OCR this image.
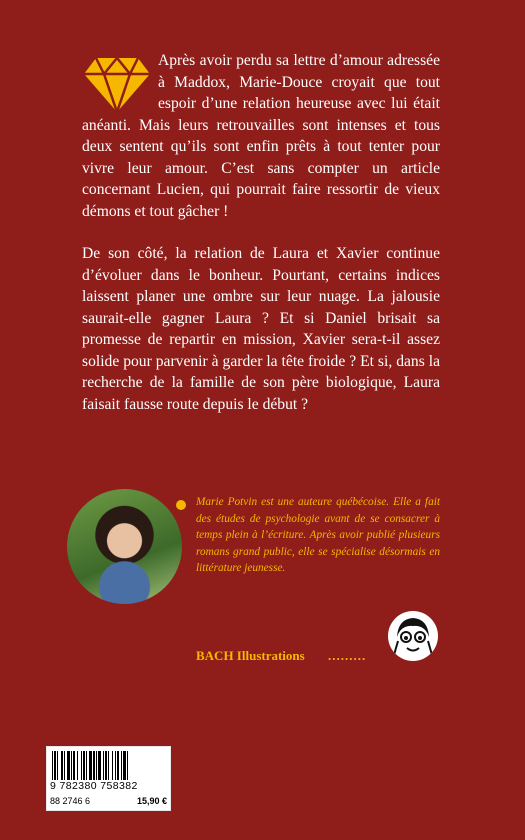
Après avoir perdu sa lettre d’amour adressée à Maddox, Marie-Douce croyait que tout espoir d’une relation heureuse avec lui était anéanti. Mais leurs retrouvailles sont intenses et tous deux sentent qu’ils sont enfin prêts à tout tenter pour vivre leur amour. C’est sans compter un article concernant Lucien, qui pourrait faire ressortir de vieux démons et tout gâcher !

De son côté, la relation de Laura et Xavier continue d’évoluer dans le bonheur. Pourtant, certains indices laissent planer une ombre sur leur nuage. La jalousie saurait-elle gagner Laura ? Et si Daniel brisait sa promesse de repartir en mission, Xavier sera-t-il assez solide pour parvenir à garder la tête froide ? Et si, dans la recherche de la famille de son père biologique, Laura faisait fausse route depuis le début ?

Marie Potvin est une auteure québécoise. Elle a fait des études de psychologie avant de se consacrer à temps plein à l’écriture. Après avoir publié plusieurs romans grand public, elle se spécialise désormais en littérature jeunesse.

BACH Illustrations .........
9 782380 758382
88 2746 6	15,90 €
